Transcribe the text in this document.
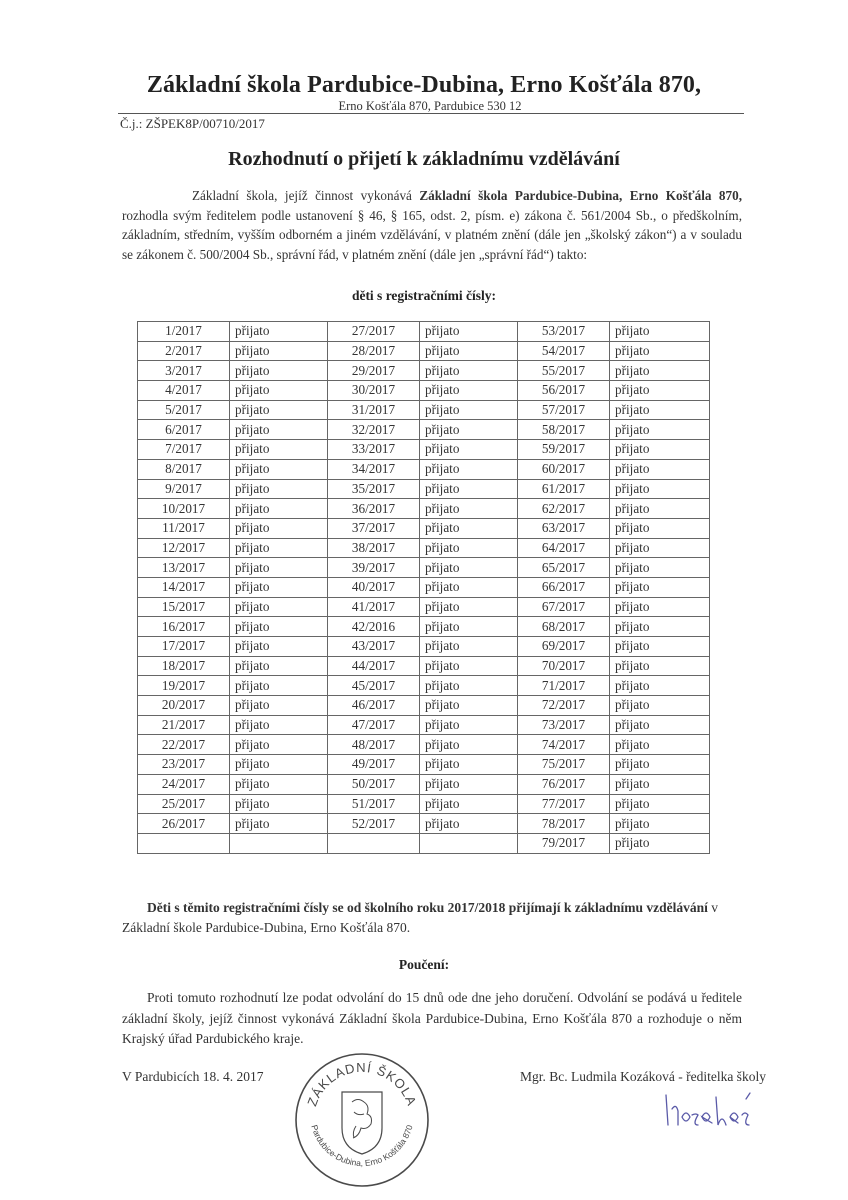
Základní škola Pardubice-Dubina, Erno Košťála 870,
Erno Košťála 870, Pardubice 530 12
Č.j.: ZŠPEK8P/00710/2017
Rozhodnutí o přijetí k základnímu vzdělávání
Základní škola, jejíž činnost vykonává Základní škola Pardubice-Dubina, Erno Košťála 870, rozhodla svým ředitelem podle ustanovení § 46, § 165, odst. 2, písm. e) zákona č. 561/2004 Sb., o předškolním, základním, středním, vyšším odborném a jiném vzdělávání, v platném znění (dále jen „školský zákon“) a v souladu se zákonem č. 500/2004 Sb., správní řád, v platném znění (dále jen „správní řád“) takto:
děti s registračními čísly:
1/2017	přijato	27/2017	přijato	53/2017	přijato
2/2017	přijato	28/2017	přijato	54/2017	přijato
3/2017	přijato	29/2017	přijato	55/2017	přijato
4/2017	přijato	30/2017	přijato	56/2017	přijato
5/2017	přijato	31/2017	přijato	57/2017	přijato
6/2017	přijato	32/2017	přijato	58/2017	přijato
7/2017	přijato	33/2017	přijato	59/2017	přijato
8/2017	přijato	34/2017	přijato	60/2017	přijato
9/2017	přijato	35/2017	přijato	61/2017	přijato
10/2017	přijato	36/2017	přijato	62/2017	přijato
11/2017	přijato	37/2017	přijato	63/2017	přijato
12/2017	přijato	38/2017	přijato	64/2017	přijato
13/2017	přijato	39/2017	přijato	65/2017	přijato
14/2017	přijato	40/2017	přijato	66/2017	přijato
15/2017	přijato	41/2017	přijato	67/2017	přijato
16/2017	přijato	42/2016	přijato	68/2017	přijato
17/2017	přijato	43/2017	přijato	69/2017	přijato
18/2017	přijato	44/2017	přijato	70/2017	přijato
19/2017	přijato	45/2017	přijato	71/2017	přijato
20/2017	přijato	46/2017	přijato	72/2017	přijato
21/2017	přijato	47/2017	přijato	73/2017	přijato
22/2017	přijato	48/2017	přijato	74/2017	přijato
23/2017	přijato	49/2017	přijato	75/2017	přijato
24/2017	přijato	50/2017	přijato	76/2017	přijato
25/2017	přijato	51/2017	přijato	77/2017	přijato
26/2017	přijato	52/2017	přijato	78/2017	přijato
				79/2017	přijato
Děti s těmito registračními čísly se od školního roku 2017/2018 přijímají k základnímu vzdělávání v Základní škole Pardubice-Dubina, Erno Košťála 870.
Poučení:
Proti tomuto rozhodnutí lze podat odvolání do 15 dnů ode dne jeho doručení. Odvolání se podává u ředitele základní školy, jejíž činnost vykonává Základní škola Pardubice-Dubina, Erno Košťála 870 a rozhoduje o něm Krajský úřad Pardubického kraje.
V Pardubicích 18. 4. 2017	Mgr. Bc. Ludmila Kozáková - ředitelka školy
ZÁKLADNÍ ŠKOLA
Pardubice-Dubina, Erno Košťála 870
